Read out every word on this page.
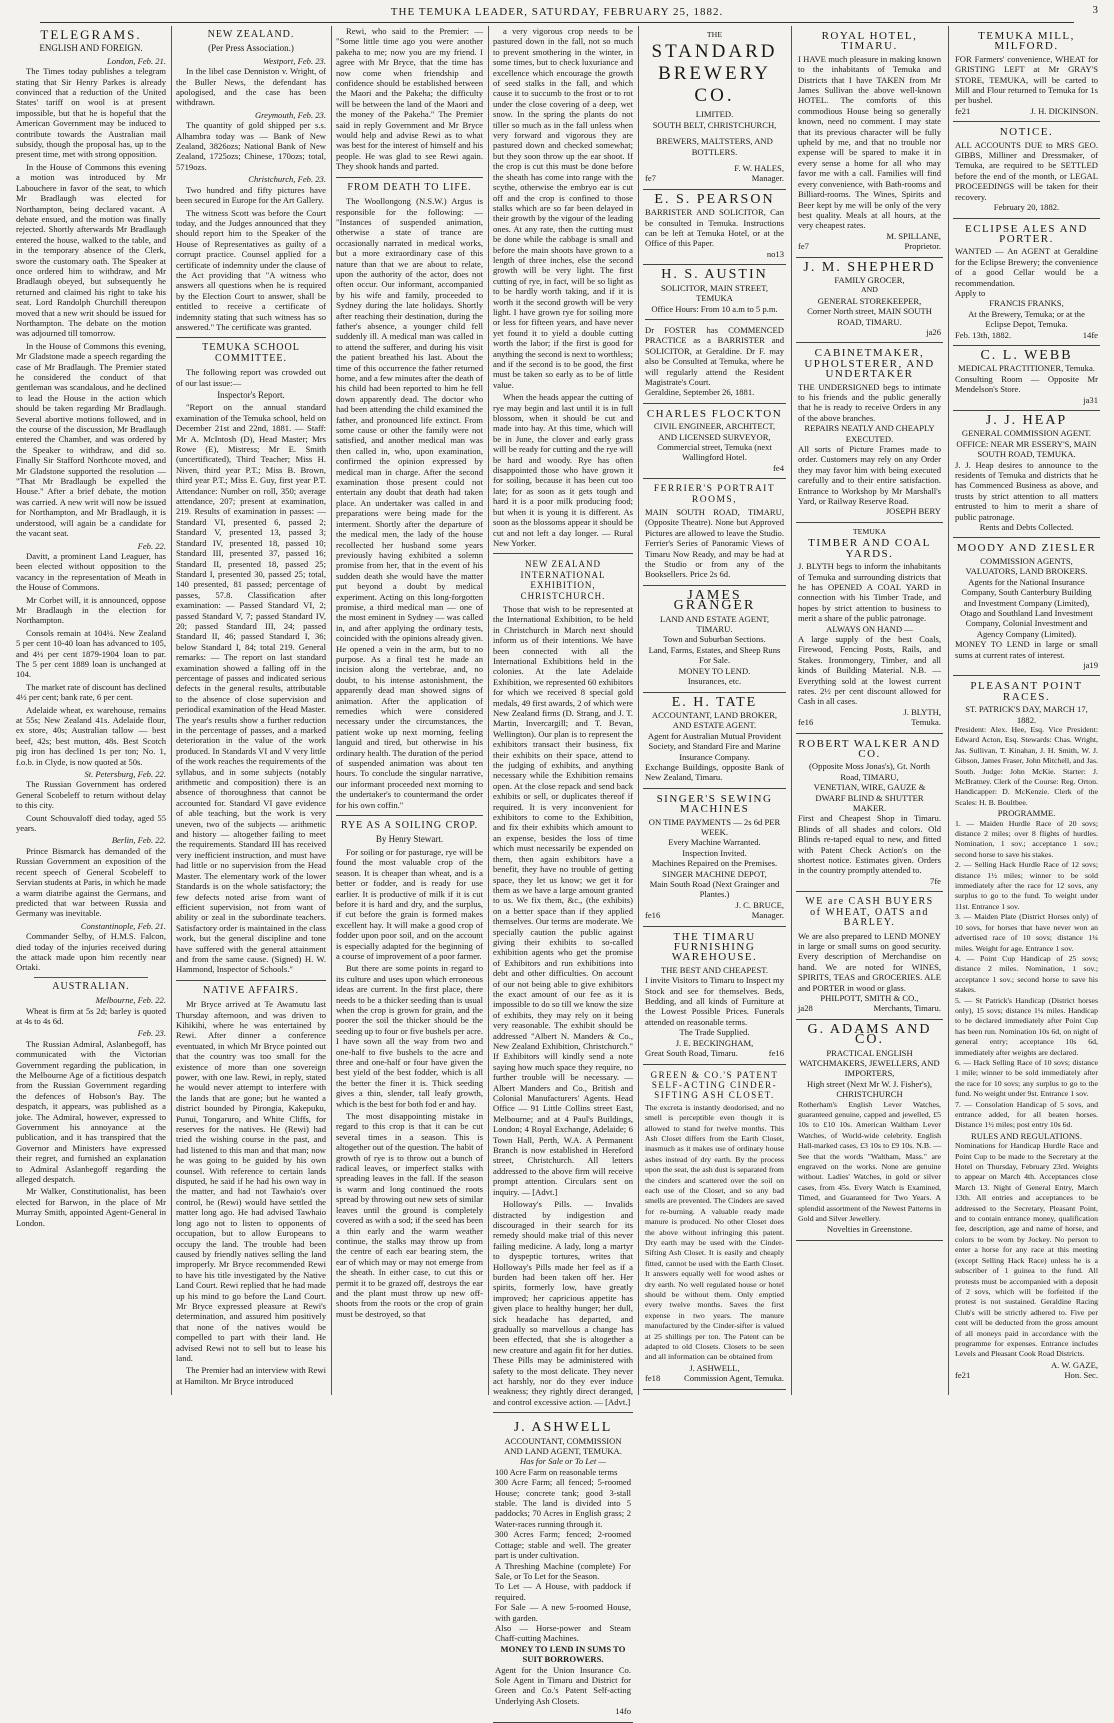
THE TEMUKA LEADER, SATURDAY, FEBRUARY 25, 1882.	3
TELEGRAMS.
ENGLISH AND FOREIGN.
London, Feb. 21.

The Times today publishes a telegram stating that Sir Henry Parkes is already convinced that a reduction of the United States' tariff on wool is at present impossible, but that he is hopeful that the American Government may be induced to contribute towards the Australian mail subsidy, though the proposal has, up to the present time, met with strong opposition.

In the House of Commons this evening a motion was introduced by Mr Labouchere in favor of the seat, to which Mr Bradlaugh was elected for Northampton, being declared vacant. A debate ensued, and the motion was finally rejected. Shortly afterwards Mr Bradlaugh entered the house, walked to the table, and in the temporary absence of the Clerk, swore the customary oath. The Speaker at once ordered him to withdraw, and Mr Bradlaugh obeyed, but subsequently he returned and claimed his right to take his seat. Lord Randolph Churchill thereupon moved that a new writ should be issued for Northampton. The debate on the motion was adjourned till tomorrow.

In the House of Commons this evening, Mr Gladstone made a speech regarding the case of Mr Bradlaugh. The Premier stated he considered the conduct of that gentleman was scandalous, and he declined to lead the House in the action which should be taken regarding Mr Bradlaugh. Several abortive motions followed, and in the course of the discussion, Mr Bradlaugh entered the Chamber, and was ordered by the Speaker to withdraw, and did so. Finally Sir Stafford Northcote moved, and Mr Gladstone supported the resolution — "That Mr Bradlaugh be expelled the House." After a brief debate, the motion was carried. A new writ will now be issued for Northampton, and Mr Bradlaugh, it is understood, will again be a candidate for the vacant seat.

Feb. 22.

Davitt, a prominent Land Leaguer, has been elected without opposition to the vacancy in the representation of Meath in the House of Commons.

Mr Corbet will, it is announced, oppose Mr Bradlaugh in the election for Northampton.

Consols remain at 104¼. New Zealand 5 per cent 10-40 loan has advanced to 105, and 4½ per cent 1879-1904 loan to par. The 5 per cent 1889 loan is unchanged at 104.

The market rate of discount has declined 4½ per cent; bank rate, 6 per cent.

Adelaide wheat, ex warehouse, remains at 55s; New Zealand 41s. Adelaide flour, ex store, 40s; Australian tallow — best beef, 42s; best mutton, 48s. Best Scotch pig iron has declined 1s per ton; No. 1, f.o.b. in Clyde, is now quoted at 50s.

St. Petersburg, Feb. 22.

The Russian Government has ordered General Scobeleff to return without delay to this city.

Count Schouvaloff died today, aged 55 years.

Berlin, Feb. 22.

Prince Bismarck has demanded of the Russian Government an exposition of the recent speech of General Scobeleff to Servian students at Paris, in which he made a warm diatribe against the Germans, and predicted that war between Russia and Germany was inevitable.

Constantinople, Feb. 21.

Commander Selby, of H.M.S. Falcon, died today of the injuries received during the attack made upon him recently near Ortaki.

AUSTRALIAN.
Melbourne, Feb. 22.

Wheat is firm at 5s 2d; barley is quoted at 4s to 4s 6d.

Feb. 23.

The Russian Admiral, Aslanbegoff, has communicated with the Victorian Government regarding the publication, in the Melbourne Age of a fictitious despatch from the Russian Government regarding the defences of Hobson's Bay. The despatch, it appears, was published as a joke. The Admiral, however, expressed to Government his annoyance at the publication, and it has transpired that the Governor and Ministers have expressed their regret, and furnished an explanation to Admiral Aslanbegoff regarding the alleged despatch.

Mr Walker, Constitutionalist, has been elected for Barwon, in the place of Mr Murray Smith, appointed Agent-General in London.

NEW ZEALAND.
(Per Press Association.)
Westport, Feb. 23.

In the libel case Denniston v. Wright, of the Buller News, the defendant has apologised, and the case has been withdrawn.

Greymouth, Feb. 23.

The quantity of gold shipped per s.s. Alhambra today was — Bank of New Zealand, 3826ozs; National Bank of New Zealand, 1725ozs; Chinese, 170ozs; total, 5719ozs.

Christchurch, Feb. 23.

Two hundred and fifty pictures have been secured in Europe for the Art Gallery.

The witness Scott was before the Court today, and the Judges announced that they should report him to the Speaker of the House of Representatives as guilty of a corrupt practice. Counsel applied for a certificate of indemnity under the clause of the Act providing that "A witness who answers all questions when he is required by the Election Court to answer, shall be entitled to receive a certificate of indemnity stating that such witness has so answered." The certificate was granted.

TEMUKA SCHOOL COMMITTEE.

The following report was crowded out of our last issue:—

Inspector's Report.

"Report on the annual standard examination of the Temuka school, held on December 21st and 22nd, 1881. — Staff: Mr A. McIntosh (D), Head Master; Mrs Rowe (E), Mistress; Mr E. Smith (uncertificated), Third Teacher; Miss H. Niven, third year P.T.; Miss B. Brown, third year P.T.; Miss E. Guy, first year P.T. Attendance: Number on roll, 350; average attendance, 207; present at examination, 219. Results of examination in passes: — Standard VI, presented 6, passed 2; Standard V, presented 13, passed 3; Standard IV, presented 18, passed 10; Standard III, presented 37, passed 16; Standard II, presented 18, passed 25; Standard I, presented 30, passed 25; total, 140 presented, 81 passed; percentage of passes, 57.8. Classification after examination: — Passed Standard VI, 2; passed Standard V, 7; passed Standard IV, 20; passed Standard III, 24; passed Standard II, 46; passed Standard I, 36; below Standard I, 84; total 219. General remarks: — The report on last standard examination showed a falling off in the percentage of passes and indicated serious defects in the general results, attributable to the absence of close supervision and periodical examination of the Head Master. The year's results show a further reduction in the percentage of passes, and a marked deterioration in the value of the work produced. In Standards VI and V very little of the work reaches the requirements of the syllabus, and in some subjects (notably arithmetic and composition) there is an absence of thoroughness that cannot be accounted for. Standard VI gave evidence of able teaching, but the work is very uneven, two of the subjects — arithmetic and history — altogether failing to meet the requirements. Standard III has received very inefficient instruction, and must have had little or no supervision from the Head Master. The elementary work of the lower Standards is on the whole satisfactory; the few defects noted arise from want of efficient supervision, not from want of ability or zeal in the subordinate teachers. Satisfactory order is maintained in the class work, but the general discipline and tone have suffered with the general attainment and from the same cause. (Signed) H. W. Hammond, Inspector of Schools."

NATIVE AFFAIRS.

Mr Bryce arrived at Te Awamutu last Thursday afternoon, and was driven to Kihikihi, where he was entertained by Rewi. After dinner a conference eventuated, in which Mr Bryce pointed out that the country was too small for the existence of more than one sovereign power, with one law. Rewi, in reply, stated he would never attempt to interfere with the lands that are gone; but he wanted a district bounded by Pirongia, Kakepuku, Punui, Tongaruro, and White Cliffs, for reserves for the natives. He (Rewi) had tried the wishing course in the past, and had listened to this man and that man; now he was going to be guided by his own counsel. With reference to certain lands disputed, he said if he had his own way in the matter, and had not Tawhaio's over control, he (Rewi) would have settled the matter long ago. He had advised Tawhaio long ago not to listen to opponents of occupation, but to allow Europeans to occupy the land. The trouble had been caused by friendly natives selling the land improperly. Mr Bryce recommended Rewi to have his title investigated by the Native Land Court. Rewi replied that he had made up his mind to go before the Land Court. Mr Bryce expressed pleasure at Rewi's determination, and assured him positively that none of the natives would be compelled to part with their land. He advised Rewi not to sell but to lease his land.

The Premier had an interview with Rewi at Hamilton. Mr Bryce introduced

Rewi, who said to the Premier: — "Some little time ago you were another pakeha to me; now you are my friend. I agree with Mr Bryce, that the time has now come when friendship and confidence should be established between the Maori and the Pakeha; the difficulty will be between the land of the Maori and the money of the Pakeha." The Premier said in reply Government and Mr Bryce would help and advise Rewi as to what was best for the interest of himself and his people. He was glad to see Rewi again. They shook hands and parted.

FROM DEATH TO LIFE.

The Woollongong (N.S.W.) Argus is responsible for the following: — "Instances of suspended animation, otherwise a state of trance are occasionally narrated in medical works, but a more extraordinary case of this nature than that we are about to relate, upon the authority of the actor, does not often occur. Our informant, accompanied by his wife and family, proceeded to Sydney during the late holidays. Shortly after reaching their destination, during the father's absence, a younger child fell suddenly ill. A medical man was called in to attend the sufferer, and during his visit the patient breathed his last. About the time of this occurrence the father returned home, and a few minutes after the death of his child had been reported to him he fell down apparently dead. The doctor who had been attending the child examined the father, and pronounced life extinct. From some cause or other the family were not satisfied, and another medical man was then called in, who, upon examination, confirmed the opinion expressed by medical man in charge. After the second examination those present could not entertain any doubt that death had taken place. An undertaker was called in and preparations were being made for the interment. Shortly after the departure of the medical men, the lady of the house recollected her husband some years previously having exhibited a solemn promise from her, that in the event of his sudden death she would have the matter put beyond a doubt by medical experiment. Acting on this long-forgotten promise, a third medical man — one of the most eminent in Sydney — was called in, and after applying the ordinary tests, coincided with the opinions already given. He opened a vein in the arm, but to no purpose. As a final test he made an incision along the vertebrae, and, no doubt, to his intense astonishment, the apparently dead man showed signs of animation. After the application of remedies which were considered necessary under the circumstances, the patient woke up next morning, feeling languid and tired, but otherwise in his ordinary health. The duration of the period of suspended animation was about ten hours. To conclude the singular narrative, our informant proceeded next morning to the undertaker's to countermand the order for his own coffin."

RYE AS A SOILING CROP.
By Henry Stewart.

For soiling or for pasturage, rye will be found the most valuable crop of the season. It is cheaper than wheat, and is a better or fodder, and is ready for use earlier. It is productive of milk if it is cut before it is hard and dry, and the surplus, if cut before the grain is formed makes excellent hay. It will make a good crop of fodder upon poor soil, and on the account is especially adapted for the beginning of a course of improvement of a poor farmer.

But there are some points in regard to its culture and uses upon which erroneous ideas are current. In the first place, there needs to be a thicker seeding than is usual when the crop is grown for grain, and the poorer the soil the thicker should be the seeding up to four or five bushels per acre. I have sown all the way from two and one-half to five bushels to the acre and three and one-half or four have given the best yield of the best fodder, which is all the better the finer it is. Thick seeding gives a thin, slender, tall leafy growth, which is the best for both fod er and hay.

The most disappointing mistake in regard to this crop is that it can be cut several times in a season. This is altogether out of the question. The habit of growth of rye is to throw out a bunch of radical leaves, or imperfect stalks with spreading leaves in the fall. If the season is warm and long continued the roots spread by throwing out new sets of similar leaves until the ground is completely covered as with a sod; if the seed has been a thin early and the warm weather continue, the stalks may throw up from the centre of each ear bearing stem, the ear of which may or may not emerge from the sheath. In either case, to cut this or permit it to be grazed off, destroys the ear and the plant must throw up new off-shoots from the roots or the crop of grain must be destroyed, so that

a very vigorous crop needs to be pastured down in the fall, not so much to prevent smothering in the winter, in some times, but to check luxuriance and excellence which encourage the growth of seed stalks in the fall, and which cause it to succumb to the frost or to rot under the close covering of a deep, wet snow. In the spring the plants do not tiller so much as in the fall unless when very forward and vigorous they are pastured down and checked somewhat; but they soon throw up the ear shoot. If the crop is cut this must be done before the sheath has come into range with the scythe, otherwise the embryo ear is cut off and the crop is confined to those stalks which are so far been delayed in their growth by the vigour of the leading ones. At any rate, then the cutting must be done while the cabbage is small and before the main shoots have grown to a length of three inches, else the second growth will be very light. The first cutting of rye, in fact, will be so light as to be hardly worth taking, and if it is worth it the second growth will be very light. I have grown rye for soiling more or less for fifteen years, and have never yet found it to yield a double cutting worth the labor; if the first is good for anything the second is next to worthless; and if the second is to be good, the first must be taken so early as to be of little value.

When the heads appear the cutting of rye may begin and last until it is in full blossom, when it should be cut and made into hay. At this time, which will be in June, the clover and early grass will be ready for cutting and the rye will be hard and woody. Rye has often disappointed those who have grown it for soiling, because it has been cut too late; for as soon as it gets tough and hard it is a poor milk producing food; but when it is young it is different. As soon as the blossoms appear it should be cut and not left a day longer. — Rural New Yorker.

NEW ZEALAND INTERNATIONAL EXHIBITION, CHRISTCHURCH.

Those that wish to be represented at the International Exhibition, to be held in Christchurch in March next should inform us of their intentions. We have been connected with all the International Exhibitions held in the colonies. At the late Adelaide Exhibition, we represented 60 exhibitors for which we received 8 special gold medals, 49 first awards, 2 of which were New Zealand firms (D. Strang, and J. T. Martin, Invercargill; and T. Bevan, Wellington). Our plan is to represent the exhibitors transact their business, fix their exhibits on their space, attend to the judging of exhibits, and anything necessary while the Exhibition remains open. At the close repack and send back exhibits or sell, or duplicates thereof if required. It is very inconvenient for exhibitors to come to the Exhibition, and fix their exhibits which amount to an expense, besides the loss of time which must necessarily be expended on them, then again exhibitors have a benefit, they have no trouble of getting space, they let us know; we get it for them as we have a large amount granted to us. We fix them, &c., (the exhibits) on a better space than if they applied themselves. Our terms are moderate. We specially caution the public against giving their exhibits to so-called exhibition agents who get the promise of Exhibitors and run exhibitions into debt and other difficulties. On account of our not being able to give exhibitors the exact amount of our fee as it is impossible to do so till we know the size of exhibits, they may rely on it being very reasonable. The exhibit should be addressed "Albert N. Manders & Co., New Zealand Exhibition, Christchurch." If Exhibitors will kindly send a note saying how much space they require, no further trouble will be necessary. — Albert Manders and Co., British and Colonial Manufacturers' Agents. Head Office — 91 Little Collins street East, Melbourne; and at 4 Paul's Buildings, London; 4 Royal Exchange, Adelaide; 6 Town Hall, Perth, W.A. A Permanent Branch is now established in Hereford street, Christchurch. All letters addressed to the above firm will receive prompt attention. Circulars sent on inquiry. — [Advt.]

Holloway's Pills. — Invalids distracted by indigestion and discouraged in their search for its remedy should make trial of this never failing medicine. A lady, long a martyr to dyspeptic tortures, writes that Holloway's Pills made her feel as if a burden had been taken off her. Her spirits, formerly low, have greatly improved; her capricious appetite has given place to healthy hunger; her dull, sick headache has departed, and gradually so marvellous a change has been effected, that she is altogether a new creature and again fit for her duties. These Pills may be administered with safety to the most delicate. They never act harshly, nor do they ever induce weakness; they rightly direct deranged, and control excessive action. — [Advt.]

J. ASHWELL
ACCOUNTANT, COMMISSION AND LAND AGENT, TEMUKA.
Has for Sale or To Let —
100 Acre Farm on reasonable terms
300 Acre Farm; all fenced; 5-roomed House; concrete tank; good 3-stall stable. The land is divided into 5 paddocks; 70 Acres in English grass; 2 Water-races running through it.
300 Acres Farm; fenced; 2-roomed Cottage; stable and well. The greater part is under cultivation.
A Threshing Machine (complete) For Sale, or To Let for the Season.
To Let — A House, with paddock if required.
For Sale — A new 5-roomed House, with garden.
Also — Horse-power and Steam Chaff-cutting Machines.
MONEY TO LEND IN SUMS TO SUIT BORROWERS.
Agent for the Union Insurance Co. Sole Agent in Timaru and District for Green and Co.'s Patent Self-acting Underlying Ash Closets.
14fo
THE
STANDARD BREWERY CO.
LIMITED.
SOUTH BELT, CHRISTCHURCH,
BREWERS, MALTSTERS, AND BOTTLERS.
F. W. HALES,
fe7	Manager.
E. S. PEARSON
BARRISTER AND SOLICITOR, Can be consulted in Temuka. Instructions can be left at Temuka Hotel, or at the Office of this Paper.
no13
H. S. AUSTIN
SOLICITOR, MAIN STREET, TEMUKA
Office Hours: From 10 a.m to 5 p.m.
Dr FOSTER has COMMENCED PRACTICE as a BARRISTER and SOLICITOR, at Geraldine. Dr F. may also be Consulted at Temuka, where he will regularly attend the Resident Magistrate's Court.
Geraldine, September 26, 1881.
CHARLES FLOCKTON
CIVIL ENGINEER, ARCHITECT, AND LICENSED SURVEYOR, Commercial street, Temuka (next Wallingford Hotel.
fe4
FERRIER'S PORTRAIT ROOMS,
MAIN SOUTH ROAD, TIMARU, (Opposite Theatre). None but Approved Pictures are allowed to leave the Studio. Ferrier's Series of Panoramic Views of Timaru Now Ready, and may be had at the Studio or from any of the Booksellers. Price 2s 6d.
JAMES GRANGER
LAND AND ESTATE AGENT, TIMARU.
Town and Suburban Sections.
Land, Farms, Estates, and Sheep Runs For Sale.
MONEY TO LEND.
Insurances, etc.
E. H. TATE
ACCOUNTANT, LAND BROKER, AND ESTATE AGENT.
Agent for Australian Mutual Provident Society, and Standard Fire and Marine Insurance Company.
Exchange Buildings, opposite Bank of New Zealand, Timaru.
SINGER'S SEWING MACHINES
ON TIME PAYMENTS — 2s 6d PER WEEK.
Every Machine Warranted.
Inspection Invited.
Machines Repaired on the Premises.
SINGER MACHINE DEPOT,
Main South Road (Next Grainger and Plantes.)
J. C. BRUCE,
fe16	Manager.
THE TIMARU FURNISHING WAREHOUSE.
THE BEST AND CHEAPEST.
I invite Visitors to Timaru to Inspect my Stock and see for themselves. Beds, Bedding, and all kinds of Furniture at the Lowest Possible Prices. Funerals attended on reasonable terms.
The Trade Supplied.
J. E. BECKINGHAM,
Great South Road, Timaru.	fe16
GREEN & CO.'S PATENT SELF-ACTING CINDER-SIFTING ASH CLOSET.
The excreta is instantly deodorised, and no smell is perceptible even though it is allowed to stand for twelve months. This Ash Closet differs from the Earth Closet, inasmuch as it makes use of ordinary house ashes instead of dry earth. By the process upon the seat, the ash dust is separated from the cinders and scattered over the soil on each use of the Closet, and so any bad smells are prevented. The Cinders are saved for re-burning. A valuable ready made manure is produced. No other Closet does the above without infringing this patent. Dry earth may be used with the Cinder-Sifting Ash Closet. It is easily and cheaply fitted, cannot be used with the Earth Closet. It answers equally well for wood ashes or dry earth. No well regulated house or hotel should be without them. Only emptied every twelve months. Saves the first expense in two years. The manure manufactured by the Cinder-sifter is valued at 25 shillings per ton. The Patent can be adapted to old Closets. Closets to be seen and all information can be obtained from
J. ASHWELL,
fe18	Commission Agent, Temuka.
ROYAL HOTEL, TIMARU.
I HAVE much pleasure in making known to the inhabitants of Temuka and Districts that I have TAKEN from Mr James Sullivan the above well-known HOTEL. The comforts of this commodious House being so generally known, need no comment. I may state that its previous character will be fully upheld by me, and that no trouble nor expense will be spared to make it in every sense a home for all who may favor me with a call. Families will find every convenience, with Bath-rooms and Billiard-rooms. The Wines, Spirits and Beer kept by me will be only of the very best quality. Meals at all hours, at the very cheapest rates.
M. SPILLANE,
fe7	Proprietor.
J. M. SHEPHERD
FAMILY GROCER,
AND
GENERAL STOREKEEPER,
Corner North street, MAIN SOUTH ROAD, TIMARU.
ja26
CABINETMAKER, UPHOLSTERER, AND UNDERTAKER
THE UNDERSIGNED begs to intimate to his friends and the public generally that he is ready to receive Orders in any of the above branches.
REPAIRS NEATLY AND CHEAPLY EXECUTED.
All sorts of Picture Frames made to order. Customers may rely on any Order they may favor him with being executed carefully and to their entire satisfaction. Entrance to Workshop by Mr Marshall's Yard, or Railway Reserve Road.
JOSEPH BERY
TEMUKA
TIMBER AND COAL YARDS.
J. BLYTH begs to inform the inhabitants of Temuka and surrounding districts that he has OPENED A COAL YARD in connection with his Timber Trade, and hopes by strict attention to business to merit a share of the public patronage.
ALWAYS ON HAND —
A large supply of the best Coals, Firewood, Fencing Posts, Rails, and Stakes. Ironmongery, Timber, and all kinds of Building Material. N.B. — Everything sold at the lowest current rates. 2½ per cent discount allowed for Cash in all cases.
J. BLYTH,
fe16	Temuka.
ROBERT WALKER AND CO.
(Opposite Moss Jonas's), Gt. North Road, TIMARU,
VENETIAN, WIRE, GAUZE & DWARF BLIND & SHUTTER MAKER.
First and Cheapest Shop in Timaru. Blinds of all shades and colors. Old Blinds re-taped equal to new, and fitted with Patent Check Action's on the shortest notice. Estimates given. Orders in the country promptly attended to.
7fe
WE are CASH BUYERS of WHEAT, OATS and BARLEY.
We are also prepared to LEND MONEY in large or small sums on good security. Every description of Merchandise on hand. We are noted for WINES, SPIRITS, TEAS and GROCERIES. ALE and PORTER in wood or glass.
PHILPOTT, SMITH & CO.,
ja28	Merchants, Timaru.
G. ADAMS AND CO.
PRACTICAL ENGLISH WATCHMAKERS, JEWELLERS, AND IMPORTERS,
High street (Next Mr W. J. Fisher's), CHRISTCHURCH
Rotherham's English Lever Watches, guaranteed genuine, capped and jewelled, £5 10s to £10 10s. American Waltham Lever Watches, of World-wide celebrity. English Hall-marked cases, £3 10s to £9 10s. N.B. — See that the words "Waltham, Mass." are engraved on the works. None are genuine without. Ladies' Watches, in gold or silver cases, from 45s. Every Watch is Examined, Timed, and Guaranteed for Two Years. A splendid assortment of the Newest Patterns in Gold and Silver Jewellery.
Novelties in Greenstone.
TEMUKA MILL, MILFORD.
FOR Farmers' convenience, WHEAT for GRISTING LEFT at Mr GRAY'S STORE, TEMUKA, will be carted to Mill and Flour returned to Temuka for 1s per bushel.
fe21	J. H. DICKINSON.
NOTICE.
ALL ACCOUNTS DUE to MRS GEO. GIBBS, Milliner and Dressmaker, of Temuka, are required to be SETTLED before the end of the month, or LEGAL PROCEEDINGS will be taken for their recovery.
February 20, 1882.
ECLIPSE ALES AND PORTER.
WANTED — An AGENT at Geraldine for the Eclipse Brewery; the convenience of a good Cellar would be a recommendation.
Apply to
FRANCIS FRANKS,
At the Brewery, Temuka; or at the Eclipse Depot, Temuka.
Feb. 13th, 1882.	14fe
C. L. WEBB
MEDICAL PRACTITIONER, Temuka.
Consulting Room — Opposite Mr Mendelson's Store.
ja31
J. J. HEAP
GENERAL COMMISSION AGENT.
OFFICE: NEAR MR ESSERY'S, MAIN SOUTH ROAD, TEMUKA.
J. J. Heap desires to announce to the residents of Temuka and districts that he has Commenced Business as above, and trusts by strict attention to all matters entrusted to him to merit a share of public patronage.
Rents and Debts Collected.
MOODY AND ZIESLER
COMMISSION AGENTS, VALUATORS, LAND BROKERS.
Agents for the National Insurance Company, South Canterbury Building and Investment Company (Limited), Otago and Southland Land Investment Company, Colonial Investment and Agency Company (Limited).
MONEY TO LEND in large or small sums at current rates of interest.
ja19
PLEASANT POINT RACES.
ST. PATRICK'S DAY, MARCH 17, 1882.
President: Alex. Hee, Esq. Vice President: Edward Acton, Esq. Stewards: Chas. Wright, Jas. Sullivan, T. Kinahan, J. H. Smith, W. J. Gibson, James Fraser, John Mitchell, and Jas. South. Judge: John McKie. Starter: J. McBratney. Clerk of the Course: Reg. Orton. Handicapper: D. McKenzie. Clerk of the Scales: H. B. Boultbee.
PROGRAMME.
1. — Maiden Hurdle Race of 20 sovs; distance 2 miles; over 8 flights of hurdles. Nomination, 1 sov.; acceptance 1 sov.; second horse to save his stakes.
2. — Selling Hack Hurdle Race of 12 sovs; distance 1½ miles; winner to be sold immediately after the race for 12 sovs, any surplus to go to the fund. To weight under 11st. Entrance 1 sov.
3. — Maiden Plate (District Horses only) of 10 sovs, for horses that have never won an advertised race of 10 sovs; distance 1¼ miles. Weight for age. Entrance 1 sov.
4. — Point Cup Handicap of 25 sovs; distance 2 miles. Nomination, 1 sov.; acceptance 1 sov.; second horse to save his stakes.
5. — St Patrick's Handicap (District horses only), 15 sovs; distance 1¼ miles. Handicap to be declared immediately after Point Cup has been run. Nomination 10s 6d, on night of general entry; acceptance 10s 6d, immediately after weights are declared.
6. — Hack Selling Race of 10 sovs; distance 1 mile; winner to be sold immediately after the race for 10 sovs; any surplus to go to the fund. No weight under 9st. Entrance 1 sov.
7. — Consolation Handicap of 5 sovs, and entrance added, for all beaten horses. Distance 1½ miles; post entry 10s 6d.
RULES AND REGULATIONS.
Nominations for Handicap Hurdle Race and Point Cup to be made to the Secretary at the Hotel on Thursday, February 23rd. Weights to appear on March 4th. Acceptances close March 13. Night of General Entry, March 13th. All entries and acceptances to be addressed to the Secretary, Pleasant Point, and to contain entrance money, qualification fee, description, age and name of horse, and colors to be worn by Jockey. No person to enter a horse for any race at this meeting (except Selling Hack Race) unless he is a subscriber of 1 guinea to the fund. All protests must be accompanied with a deposit of 2 sovs, which will be forfeited if the protest is not sustained. Geraldine Racing Club's will be strictly adhered to. Five per cent will be deducted from the gross amount of all moneys paid in accordance with the programme for expenses. Entrance includes Levels and Pleasant Cook Road Districts.
A. W. GAZE,
fe21	Hon. Sec.
